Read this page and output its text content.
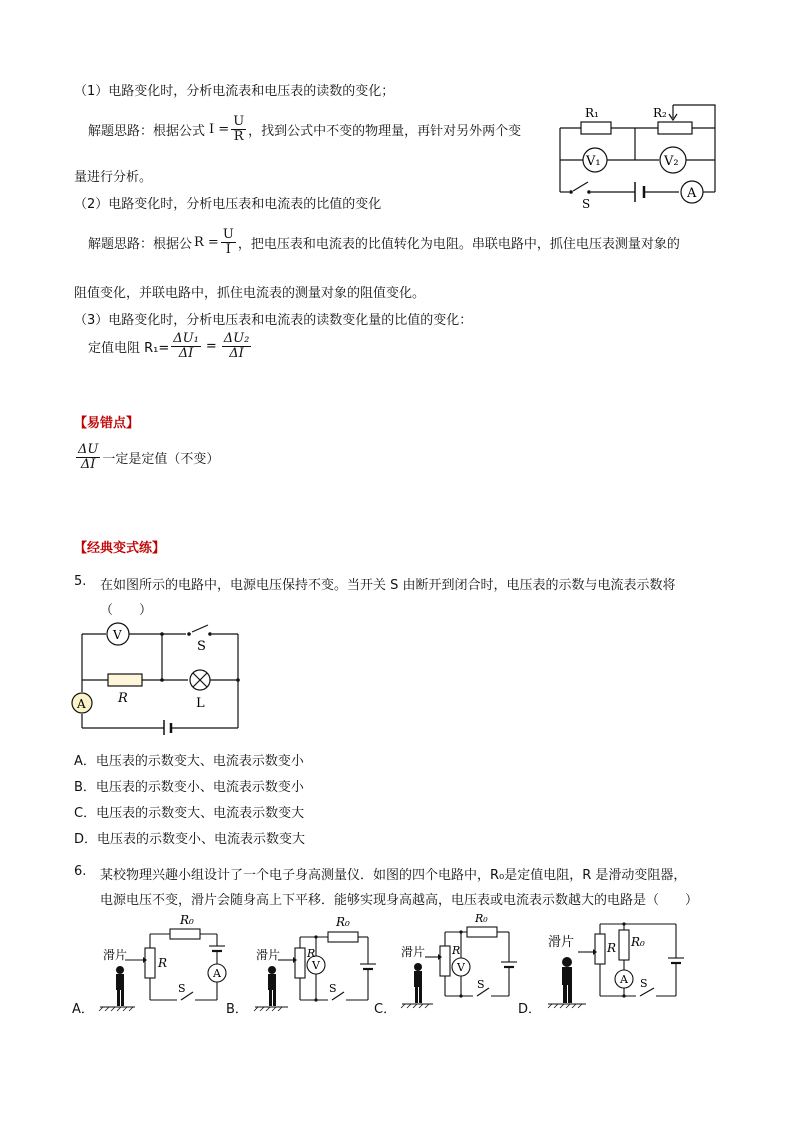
（1）电路变化时，分析电流表和电压表的读数的变化；
解题思路：根据公式 $I = \frac{U}{R}$ ，找到公式中不变的物理量，再针对另外两个变
量进行分析。
（2）电路变化时，分析电压表和电流表的比值的变化
解题思路：根据公 $R = \frac{U}{I}$ ，把电压表和电流表的比值转化为电阻。串联电路中，抓住电压表测量对象的
阻值变化，并联电路中，抓住电流表的测量对象的阻值变化。
（3）电路变化时，分析电压表和电流表的读数变化量的比值的变化：
定值电阻 $R_1= \frac{\text{ΔU₁}}{\Delta I} = \frac{\text{ΔU₂}}{\Delta I}$
R₁	R₂
V₁	V₂
A
S
【易错点】
$\frac{\Delta U}{\Delta I}$ 一定是定值（不变）
【经典变式练】
5. 在如图所示的电路中，电源电压保持不变。当开关 S 由断开到闭合时，电压表的示数与电流表示数将
（　　）
V
S
R	L
A
A．电压表的示数变大、电流表示数变小
B．电压表的示数变小、电流表示数变小
C．电压表的示数变大、电流表示数变大
D．电压表的示数变小、电流表示数变大
6. 某校物理兴趣小组设计了一个电子身高测量仪．如图的四个电路中，R₀是定值电阻，R 是滑动变阻器，
电源电压不变，滑片会随身高上下平移．能够实现身高越高，电压表或电流表示数越大的电路是（　　）
滑片
R
R₀
A
S
A．
滑片 R
R₀
V
S
B．
滑片 R
R₀
V
S
C．
滑片	R R₀
A S
D．
